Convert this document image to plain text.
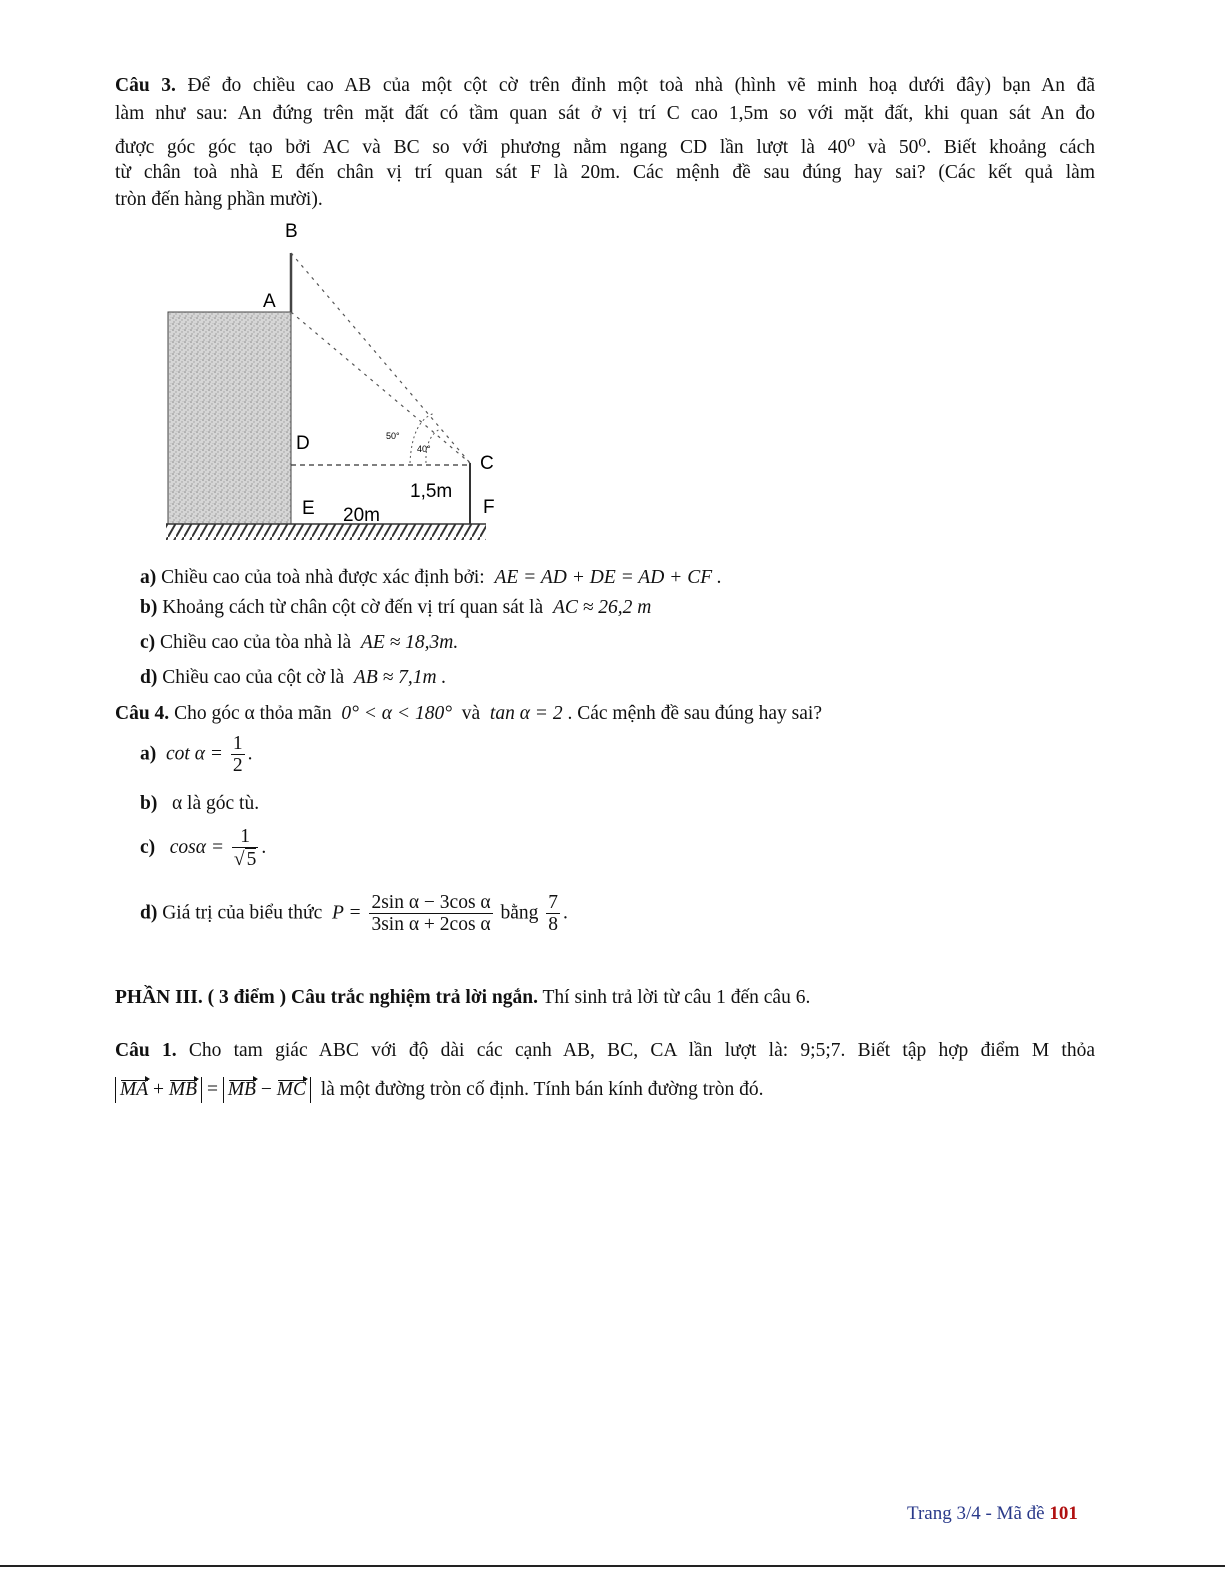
Câu 3. Để đo chiều cao AB của một cột cờ trên đỉnh một toà nhà (hình vẽ minh hoạ dưới đây) bạn An đã
làm như sau: An đứng trên mặt đất có tầm quan sát ở vị trí C cao 1,5m so với mặt đất, khi quan sát An đo
được góc góc tạo bởi AC và BC so với phương nằm ngang CD lần lượt là 40⁰ và 50⁰. Biết khoảng cách
từ chân toà nhà E đến chân vị trí quan sát F là 20m. Các mệnh đề sau đúng hay sai? (Các kết quả làm
tròn đến hàng phần mười).
B
A
D
C
E	F
50°
40°
1,5m
20m
a) Chiều cao của toà nhà được xác định bởi: AE = AD + DE = AD + CF .
b) Khoảng cách từ chân cột cờ đến vị trí quan sát là AC ≈ 26,2 m
c) Chiều cao của tòa nhà là AE ≈ 18,3m.
d) Chiều cao của cột cờ là AB ≈ 7,1m .
Câu 4. Cho góc α thỏa mãn 0° < α < 180° và tan α = 2 . Các mệnh đề sau đúng hay sai?
a) $\cot \alpha = \frac{1}{2}$ .
b) α là góc tù.
c) $\cos\alpha = \frac{1}{√ 5}$ .
d) Giá trị của biểu thức $P = \frac{\text{2sin α − 3cos α}}{\text{3sin α + 2cos α}}$ bằng $\frac{7}{8}$ .
PHẦN III. ( 3 điểm ) Câu trắc nghiệm trả lời ngắn. Thí sinh trả lời từ câu 1 đến câu 6.
Câu 1. Cho tam giác ABC với độ dài các cạnh AB, BC, CA lần lượt là: 9;5;7. Biết tập hợp điểm M thỏa
MA + MB = MB − MC là một đường tròn cố định. Tính bán kính đường tròn đó.
Trang 3/4 - Mã đề 101
